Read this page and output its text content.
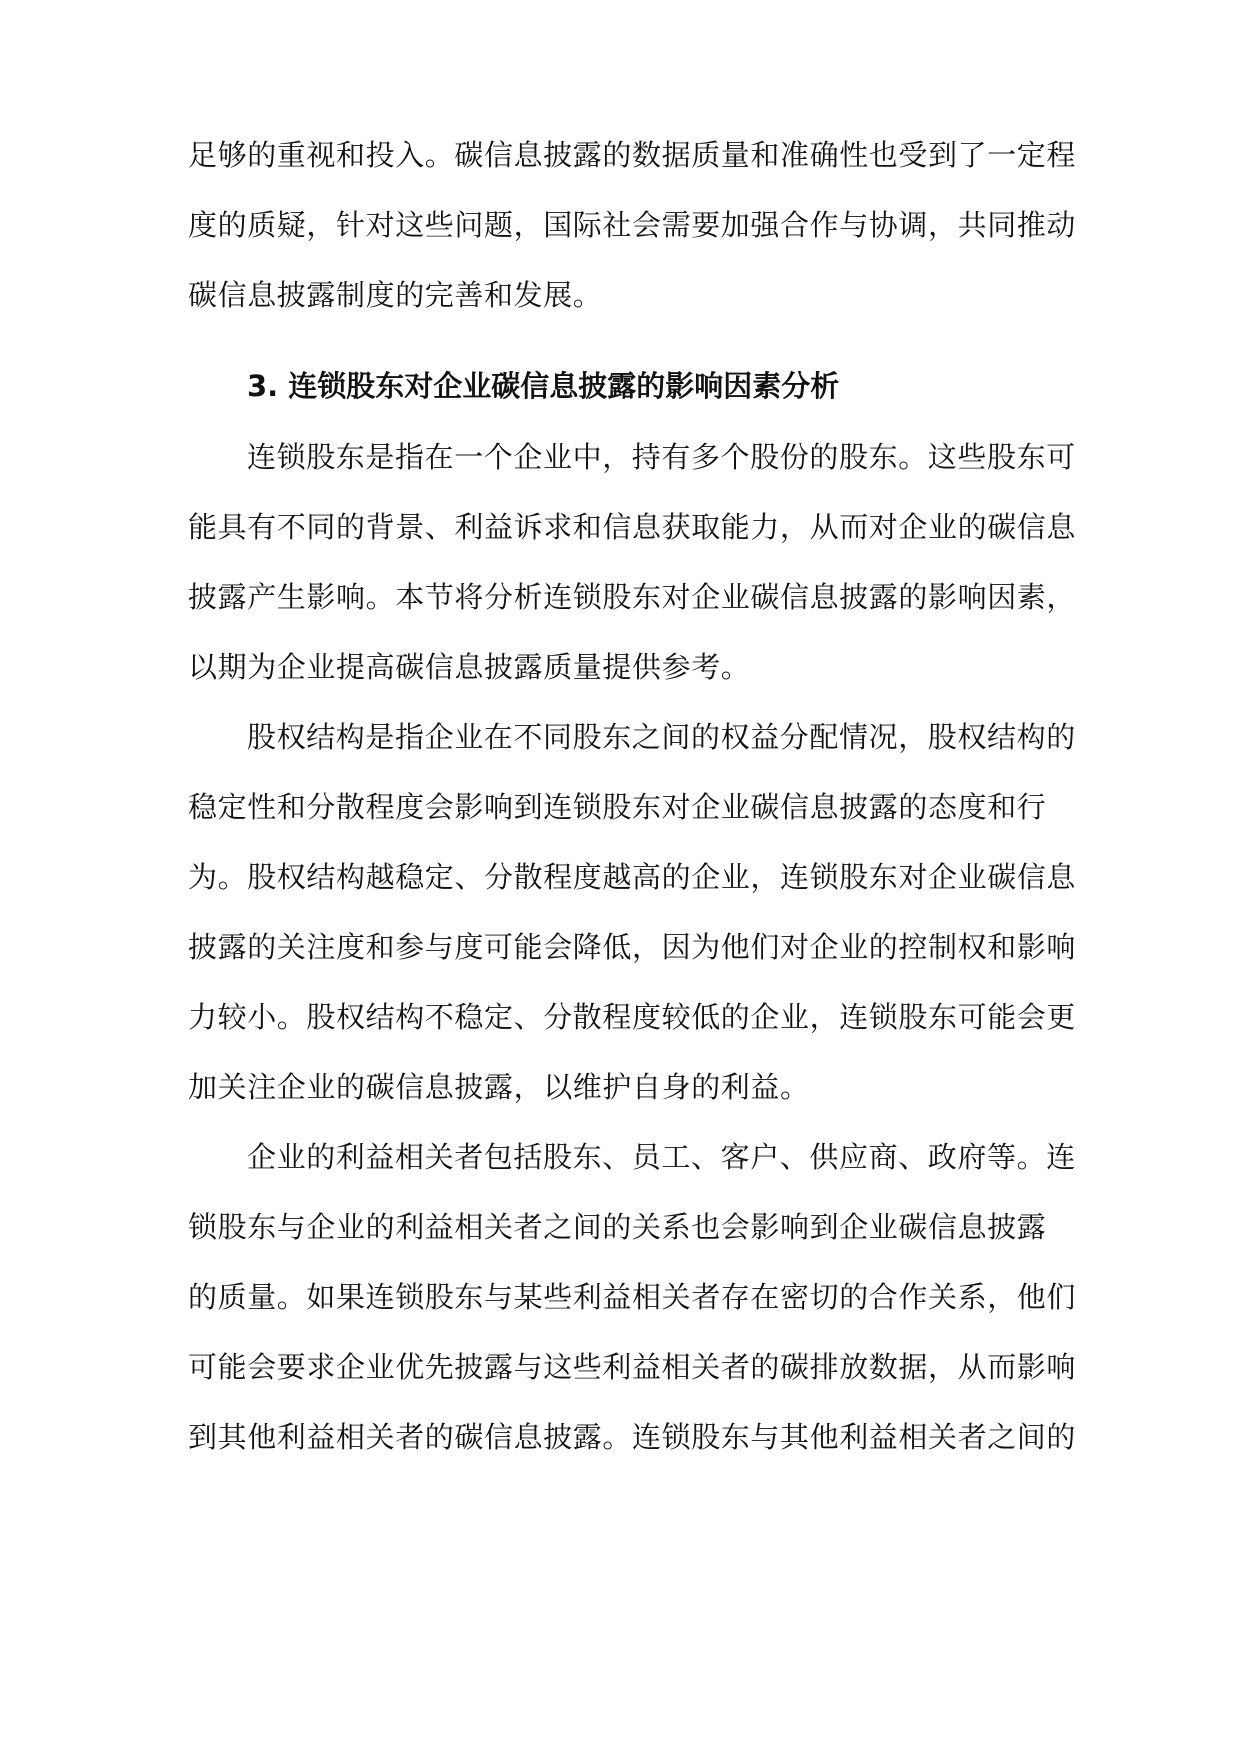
足够的重视和投入。碳信息披露的数据质量和准确性也受到了一定程
度的质疑，针对这些问题，国际社会需要加强合作与协调，共同推动
碳信息披露制度的完善和发展。
3. 连锁股东对企业碳信息披露的影响因素分析
连锁股东是指在一个企业中，持有多个股份的股东。这些股东可
能具有不同的背景、利益诉求和信息获取能力，从而对企业的碳信息
披露产生影响。本节将分析连锁股东对企业碳信息披露的影响因素，
以期为企业提高碳信息披露质量提供参考。
股权结构是指企业在不同股东之间的权益分配情况，股权结构的
稳定性和分散程度会影响到连锁股东对企业碳信息披露的态度和行
为。股权结构越稳定、分散程度越高的企业，连锁股东对企业碳信息
披露的关注度和参与度可能会降低，因为他们对企业的控制权和影响
力较小。股权结构不稳定、分散程度较低的企业，连锁股东可能会更
加关注企业的碳信息披露，以维护自身的利益。
企业的利益相关者包括股东、员工、客户、供应商、政府等。连
锁股东与企业的利益相关者之间的关系也会影响到企业碳信息披露
的质量。如果连锁股东与某些利益相关者存在密切的合作关系，他们
可能会要求企业优先披露与这些利益相关者的碳排放数据，从而影响
到其他利益相关者的碳信息披露。连锁股东与其他利益相关者之间的
